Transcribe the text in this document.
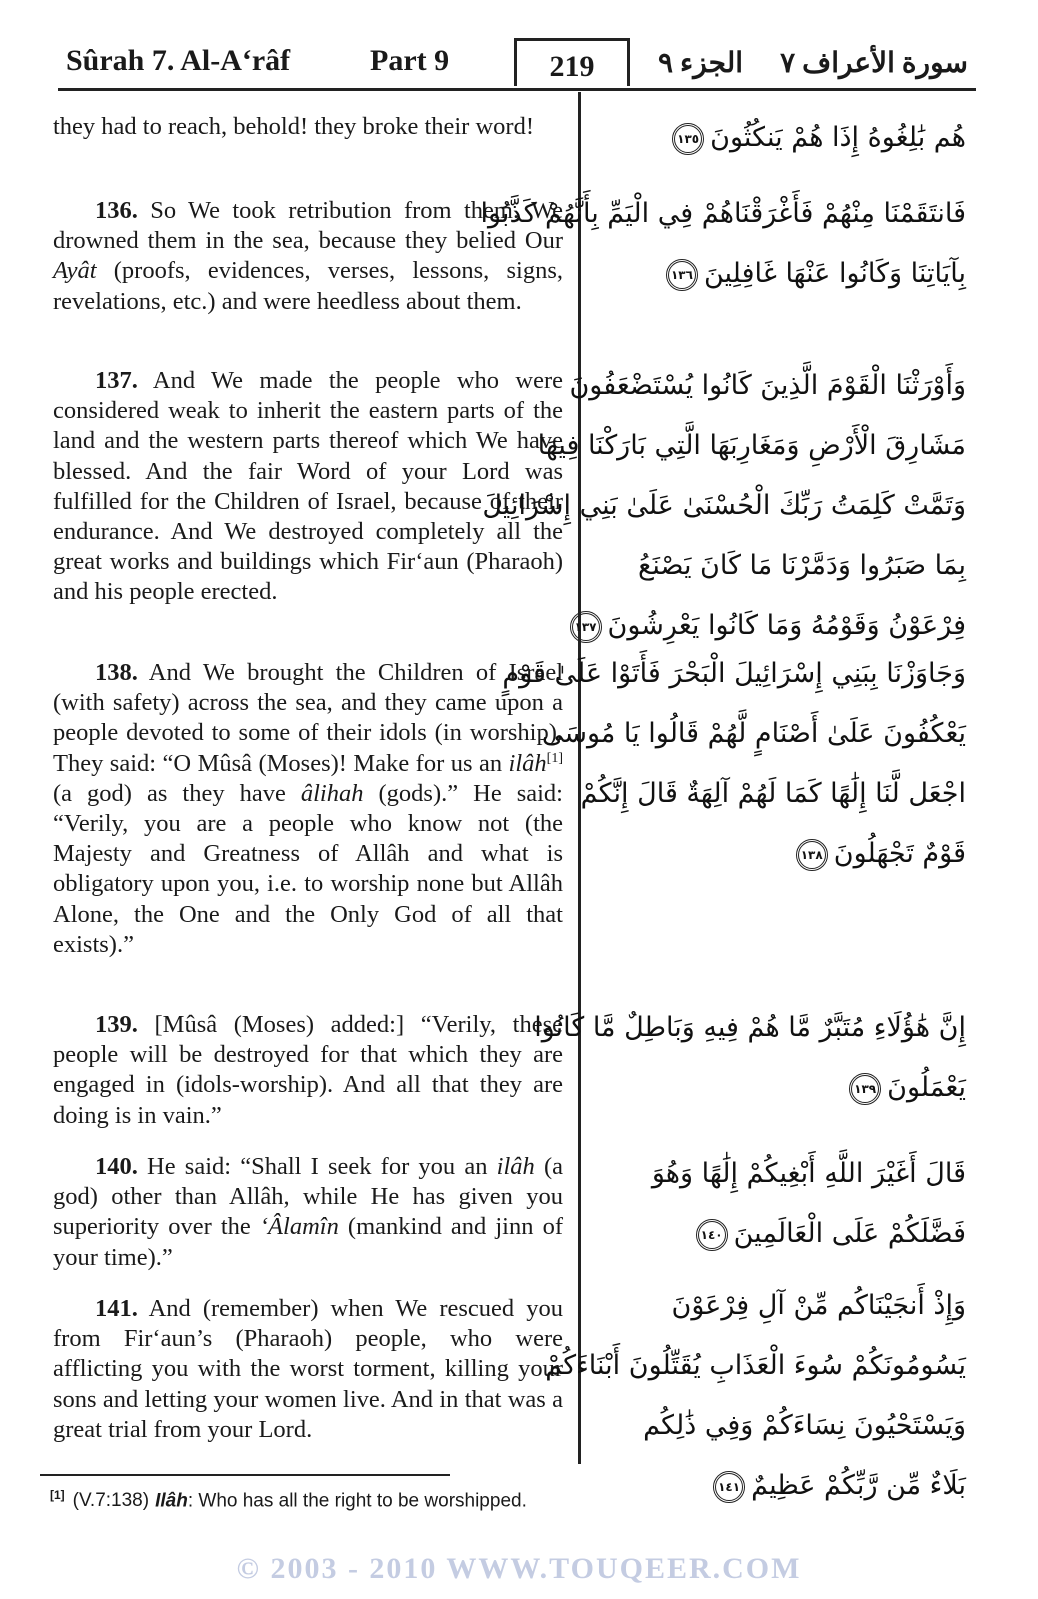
Sûrah 7. Al-A‘râf	Part 9	219	الجزء ٩ سورة الأعراف ٧

they had to reach, behold! they broke their word!

136. So We took retribution from them. We drowned them in the sea, because they belied Our Ayât (proofs, evidences, verses, lessons, signs, revelations, etc.) and were heedless about them.

137. And We made the people who were considered weak to inherit the eastern parts of the land and the western parts thereof which We have blessed. And the fair Word of your Lord was fulfilled for the Children of Israel, because of their endurance. And We destroyed completely all the great works and buildings which Fir‘aun (Pharaoh) and his people erected.

138. And We brought the Children of Israel (with safety) across the sea, and they came upon a people devoted to some of their idols (in worship). They said: “O Mûsâ (Moses)! Make for us an ilâh[1] (a god) as they have âlihah (gods).” He said: “Verily, you are a people who know not (the Majesty and Greatness of Allâh and what is obligatory upon you, i.e. to worship none but Allâh Alone, the One and the Only God of all that exists).”

139. [Mûsâ (Moses) added:] “Verily, these people will be destroyed for that which they are engaged in (idols-worship). And all that they are doing is in vain.”

140. He said: “Shall I seek for you an ilâh (a god) other than Allâh, while He has given you superiority over the ‘Âlamîn (mankind and jinn of your time).”

141. And (remember) when We rescued you from Fir‘aun’s (Pharaoh) people, who were afflicting you with the worst torment, killing your sons and letting your women live. And in that was a great trial from your Lord.

هُم بَٰلِغُوهُ إِذَا هُمْ يَنكُثُونَ١٣٥
فَانتَقَمْنَا مِنْهُمْ فَأَغْرَقْنَاهُمْ فِي الْيَمِّ بِأَنَّهُمْ كَذَّبُوا
بِآيَاتِنَا وَكَانُوا عَنْهَا غَافِلِينَ١٣٦
وَأَوْرَثْنَا الْقَوْمَ الَّذِينَ كَانُوا يُسْتَضْعَفُونَ
مَشَارِقَ الْأَرْضِ وَمَغَارِبَهَا الَّتِي بَارَكْنَا فِيهَا
وَتَمَّتْ كَلِمَتُ رَبِّكَ الْحُسْنَىٰ عَلَىٰ بَنِي إِسْرَائِيلَ
بِمَا صَبَرُوا وَدَمَّرْنَا مَا كَانَ يَصْنَعُ
فِرْعَوْنُ وَقَوْمُهُ وَمَا كَانُوا يَعْرِشُونَ١٣٧
وَجَاوَزْنَا بِبَنِي إِسْرَائِيلَ الْبَحْرَ فَأَتَوْا عَلَىٰ قَوْمٍ
يَعْكُفُونَ عَلَىٰ أَصْنَامٍ لَّهُمْ قَالُوا يَا مُوسَى
اجْعَل لَّنَا إِلَٰهًا كَمَا لَهُمْ آلِهَةٌ قَالَ إِنَّكُمْ
قَوْمٌ تَجْهَلُونَ١٣٨
إِنَّ هَٰؤُلَاءِ مُتَبَّرٌ مَّا هُمْ فِيهِ وَبَاطِلٌ مَّا كَانُوا
يَعْمَلُونَ١٣٩
قَالَ أَغَيْرَ اللَّهِ أَبْغِيكُمْ إِلَٰهًا وَهُوَ
فَضَّلَكُمْ عَلَى الْعَالَمِينَ١٤٠
وَإِذْ أَنجَيْنَاكُم مِّنْ آلِ فِرْعَوْنَ
يَسُومُونَكُمْ سُوءَ الْعَذَابِ يُقَتِّلُونَ أَبْنَاءَكُمْ
وَيَسْتَحْيُونَ نِسَاءَكُمْ وَفِي ذَٰلِكُم
بَلَاءٌ مِّن رَّبِّكُمْ عَظِيمٌ١٤١
[1] (V.7:138) Ilâh: Who has all the right to be worshipped.
© 2003 - 2010 WWW.TOUQEER.COM
